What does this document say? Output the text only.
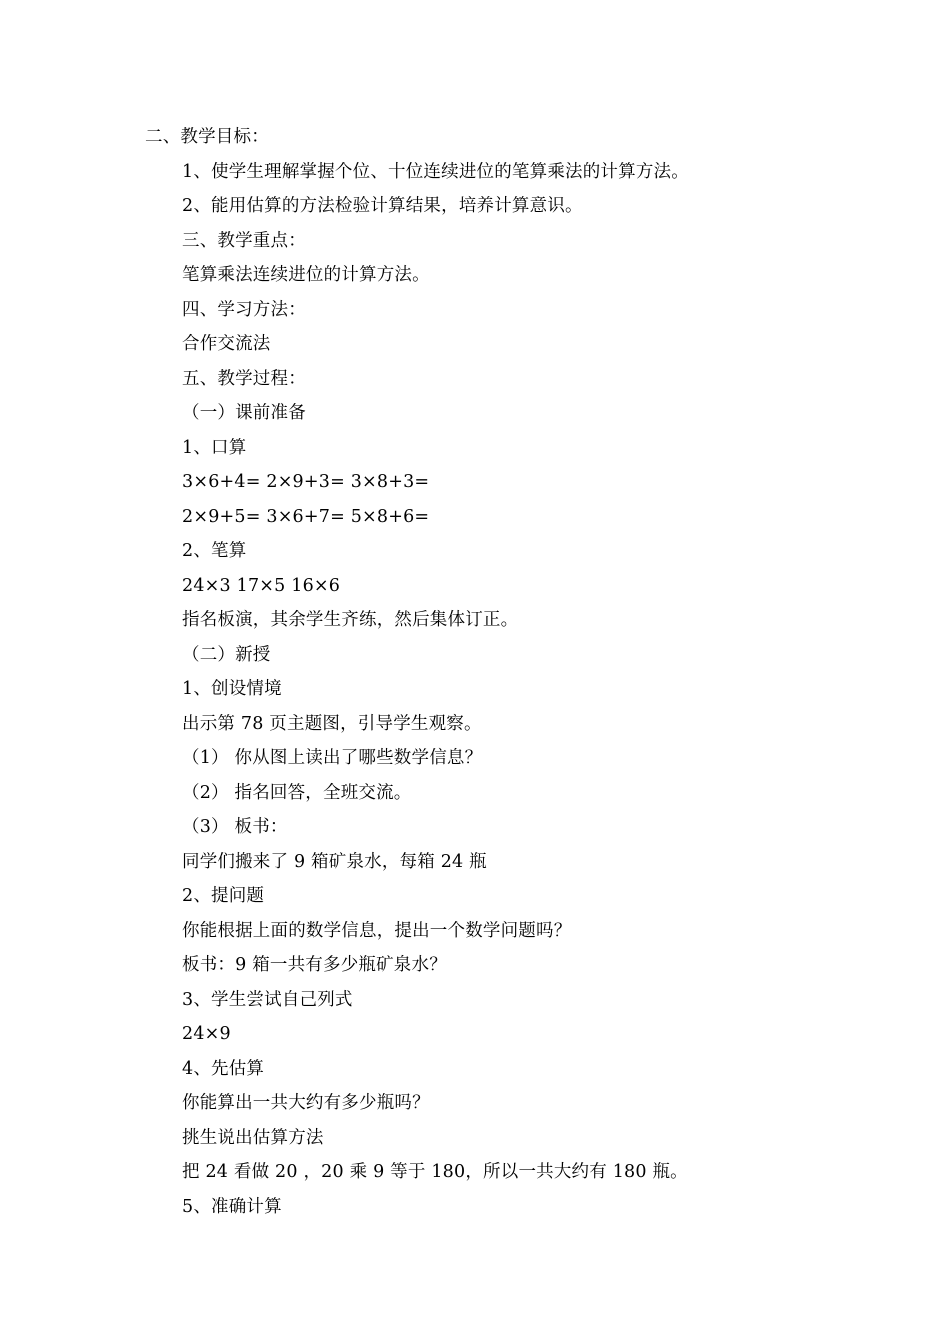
二、教学目标：
1、使学生理解掌握个位、十位连续进位的笔算乘法的计算方法。
2、能用估算的方法检验计算结果，培养计算意识。
三、教学重点：
笔算乘法连续进位的计算方法。
四、学习方法：
合作交流法
五、教学过程：
（一）课前准备
1、口算
3×6+4= 2×9+3= 3×8+3=
2×9+5= 3×6+7= 5×8+6=
2、笔算
24×3 17×5 16×6
指名板演，其余学生齐练，然后集体订正。
（二）新授
1、创设情境
出示第 78 页主题图，引导学生观察。
（1） 你从图上读出了哪些数学信息？
（2） 指名回答，全班交流。
（3） 板书：
同学们搬来了 9 箱矿泉水，每箱 24 瓶
2、提问题
你能根据上面的数学信息，提出一个数学问题吗？
板书：9 箱一共有多少瓶矿泉水？
3、学生尝试自己列式
24×9
4、先估算
你能算出一共大约有多少瓶吗？
挑生说出估算方法
把 24 看做 20 ，20 乘 9 等于 180，所以一共大约有 180 瓶。
5、准确计算
